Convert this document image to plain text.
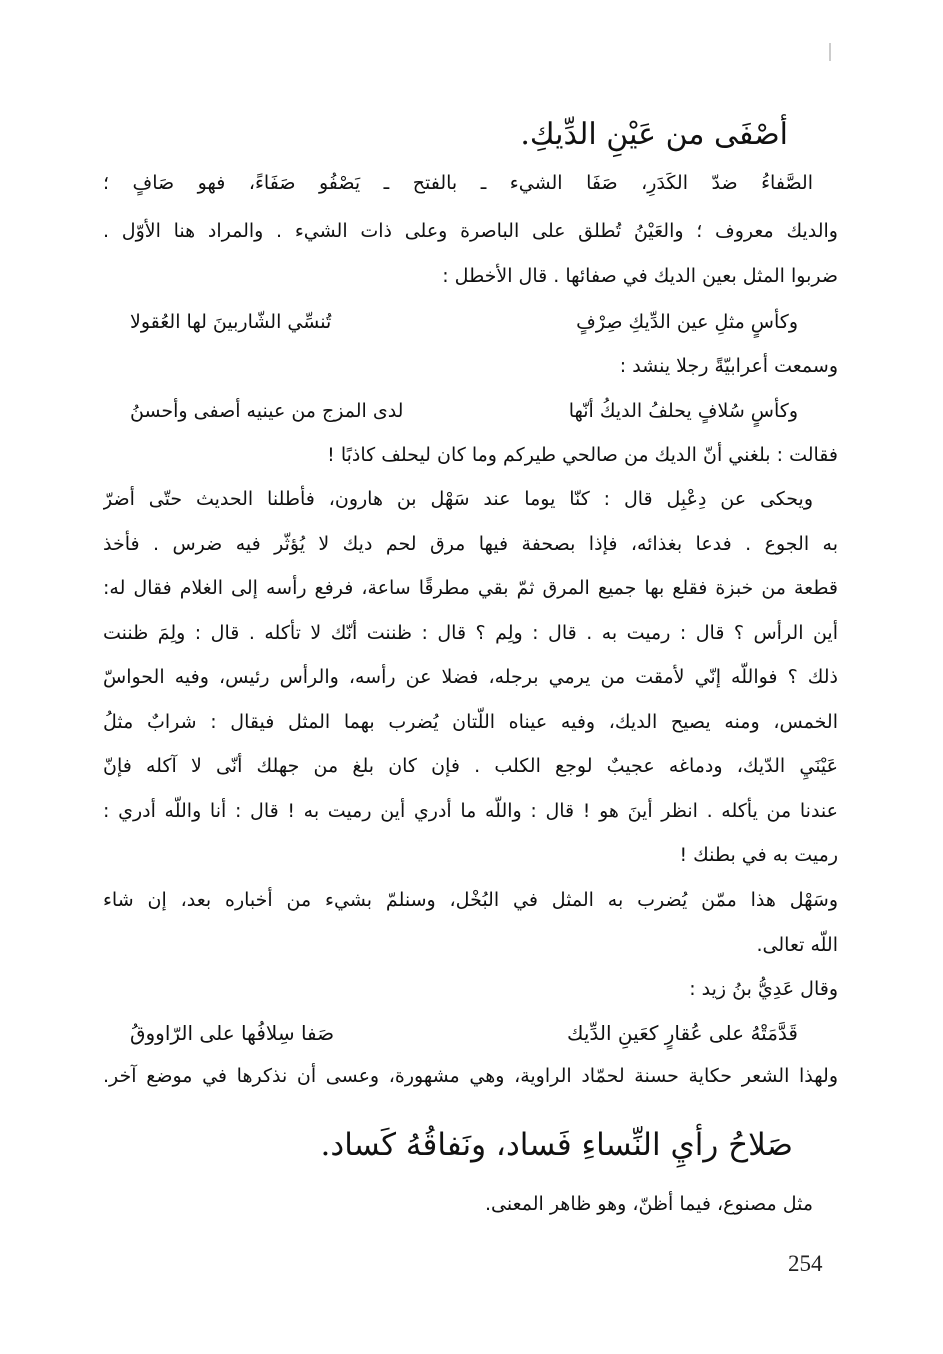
أصْفَى من عَيْنِ الدِّيكِ.
الصَّفاءُ ضدّ الكَدَرِ، صَفَا الشيء ـ بالفتح ـ يَصْفُو صَفَاءً، فهو صَافٍ ؛
والديك معروف ؛ والعَيْنُ تُطلق على الباصرة وعلى ذات الشيء . والمراد هنا الأوّل .
ضربوا المثل بعين الديك في صفائها . قال الأخطل :
وكأسٍ مثلِ عين الدِّيكِ صِرْفٍ
تُنسِّي الشّاربينَ لها العُقولا
وسمعت أعرابيّةً رجلا ينشد :
وكأسٍ سُلافٍ يحلفُ الديكُ أنّها
لدى المزج من عينيه أصفى وأحسنُ
فقالت : بلغني أنّ الديك من صالحي طيركم وما كان ليحلف كاذبًا !
ويحكى عن دِعْبِل قال : كنّا يوما عند سَهْل بن هارون، فأطلنا الحديث حتّى أضرّ
به الجوع . فدعا بغذائه، فإذا بصحفة فيها مرق لحم ديك لا يُؤثّر فيه ضرس . فأخذ
قطعة من خبزة فقلع بها جميع المرق ثمّ بقي مطرقًا ساعة، فرفع رأسه إلى الغلام فقال له:
أين الرأس ؟ قال : رميت به . قال : ولِم ؟ قال : ظننت أنّك لا تأكله . قال : ولِمَ ظننت
ذلك ؟ فواللّه إنّي لأمقت من يرمي برجله، فضلا عن رأسه، والرأس رئيس، وفيه الحواسّ
الخمس، ومنه يصيح الديك، وفيه عيناه اللّتان يُضرب بهما المثل فيقال : شرابٌ مثلُ
عَيْنَيِ الدّيك، ودماغه عجيبٌ لوجع الكلب . فإن كان بلغ من جهلك أنّى لا آكله فإنّ
عندنا من يأكله . انظر أينَ هو ! قال : واللّه ما أدري أين رميت به ! قال : أنا واللّه أدري :
رميت به في بطنك !
وسَهْل هذا ممّن يُضرب به المثل في البُخْل، وسنلمّ بشيء من أخباره بعد، إن شاء
اللّه تعالى.
وقال عَدِيُّ بنُ زيد :
قَدَّمَتْهُ على عُقارٍ كعَينِ الدِّيك
صَفا سِلافُها على الرّاووقُ
ولهذا الشعر حكاية حسنة لحمّاد الراوية، وهي مشهورة، وعسى أن نذكرها في موضع آخر.
صَلاحُ رأيِ النِّساءِ فَساد، ونَفاقُهُ كَساد.
مثل مصنوع، فيما أظنّ، وهو ظاهر المعنى.
254
